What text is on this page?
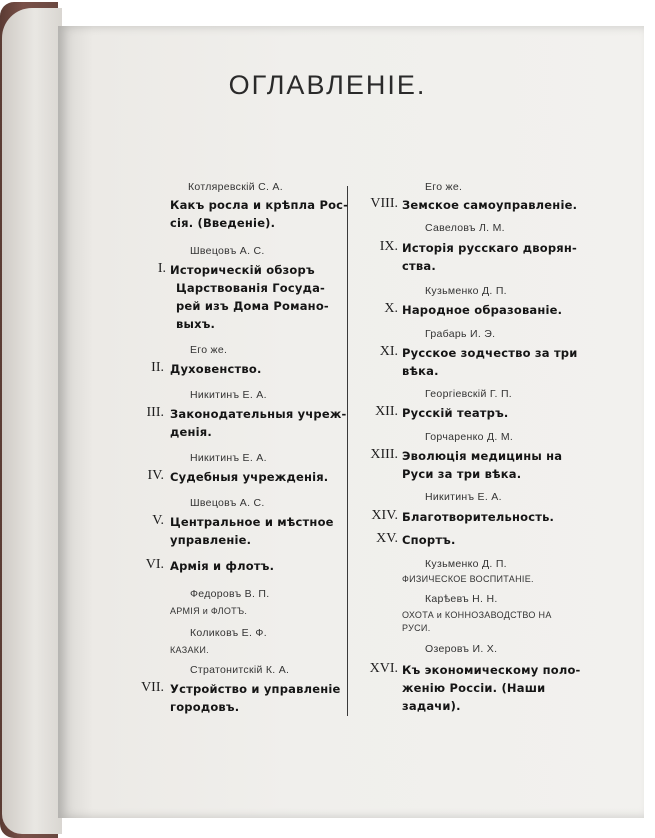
ОГЛАВЛЕНIЕ.
Котляревскiй С. А.
Какъ росла и крѣпла Рос-
сiя. (Введенiе).
Швецовъ А. С.
I. Историческiй обзоръ
Царствованiя Госуда-
рей изъ Дома Романо-
выхъ.
Его же.
II. Духовенство.
Никитинъ Е. А.
III. Законодательныя учреж-
денiя.
Никитинъ Е. А.
IV. Судебныя учрежденiя.
Швецовъ А. С.
V. Центральное и мѣстное
управленiе.
VI. Армiя и флотъ.
Федоровъ В. П.
АРМIЯ и ФЛОТЪ.
Коликовъ Е. Ф.
КАЗАКИ.
Стратонитскiй К. А.
VII. Устройство и управленiе
городовъ.
Его же.
VIII. Земское самоуправленiе.
Савеловъ Л. М.
IX. Исторiя русскаго дворян-
ства.
Кузьменко Д. П.
X. Народное образованiе.
Грабарь И. Э.
XI. Русское зодчество за три
вѣка.
Георгiевскiй Г. П.
XII. Русскiй театръ.
Горчаренко Д. М.
XIII. Эволюцiя медицины на
Руси за три вѣка.
Никитинъ Е. А.
XIV. Благотворительность.
XV. Спортъ.
Кузьменко Д. П.
ФИЗИЧЕСКОЕ ВОСПИТАНIЕ.
Карѣевъ Н. Н.
ОХОТА и КОННОЗАВОДСТВО НА
РУСИ.
Озеровъ И. Х.
XVI. Къ экономическому поло-
женiю Россiи. (Наши
задачи).
